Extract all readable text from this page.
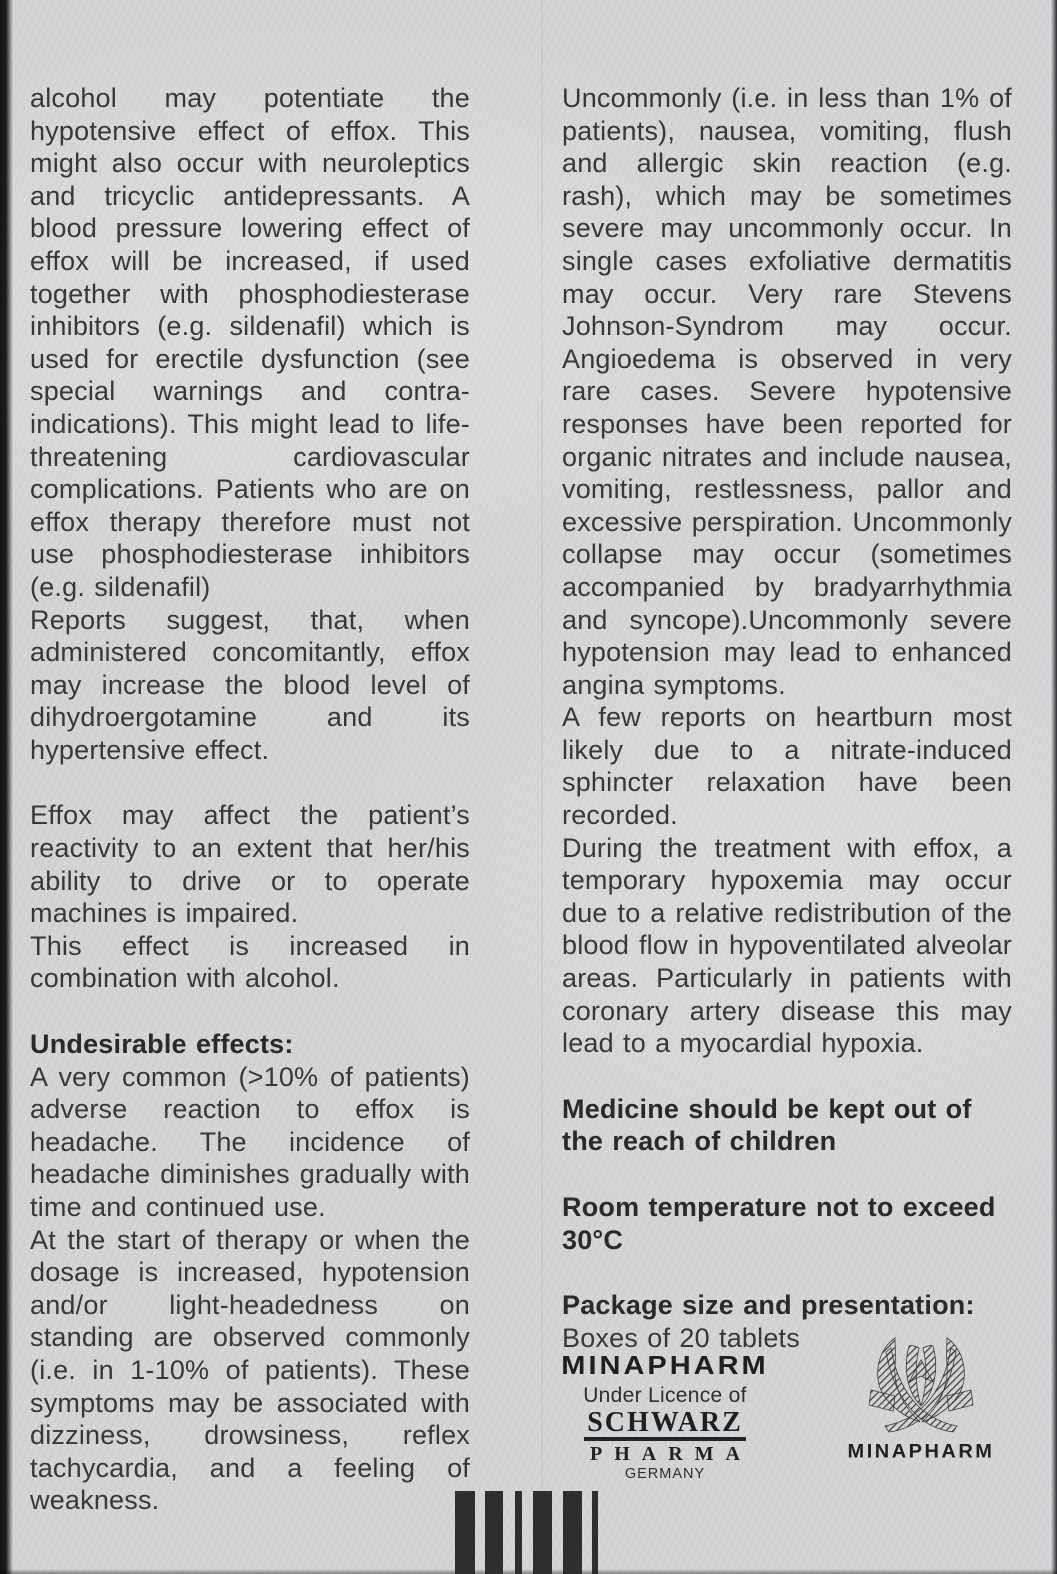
alcohol may potentiate the hypotensive effect of effox. This might also occur with neuroleptics and tricyclic antidepressants. A blood pressure lowering effect of effox will be increased, if used together with phosphodiesterase inhibitors (e.g. sildenafil) which is used for erectile dysfunction (see special warnings and contra-indications). This might lead to life-threatening cardiovascular complications. Patients who are on effox therapy therefore must not use phosphodiesterase inhibitors (e.g. sildenafil)

Reports suggest, that, when administered concomitantly, effox may increase the blood level of dihydroergotamine and its hypertensive effect.

Effox may affect the patient’s reactivity to an extent that her/his ability to drive or to operate machines is impaired.

This effect is increased in combination with alcohol.

Undesirable effects:

A very common (>10% of patients) adverse reaction to effox is headache. The incidence of headache diminishes gradually with time and continued use.

At the start of therapy or when the dosage is increased, hypotension and/or light-headedness on standing are observed commonly (i.e. in 1-10% of patients). These symptoms may be associated with dizziness, drowsiness, reflex tachycardia, and a feeling of weakness.

Uncommonly (i.e. in less than 1% of patients), nausea, vomiting, flush and allergic skin reaction (e.g. rash), which may be sometimes severe may uncommonly occur. In single cases exfoliative dermatitis may occur. Very rare Stevens Johnson-Syndrom may occur. Angioedema is observed in very rare cases. Severe hypotensive responses have been reported for organic nitrates and include nausea, vomiting, restlessness, pallor and excessive perspiration. Uncommonly collapse may occur (sometimes accompanied by bradyarrhythmia and syncope).Uncommonly severe hypotension may lead to enhanced angina symptoms.

A few reports on heartburn most likely due to a nitrate-induced sphincter relaxation have been recorded.

During the treatment with effox, a temporary hypoxemia may occur due to a relative redistribution of the blood flow in hypoventilated alveolar areas. Particularly in patients with coronary artery disease this may lead to a myocardial hypoxia.

Medicine should be kept out of the reach of children

Room temperature not to exceed
30°C

Package size and presentation:

Boxes of 20 tablets

MINAPHARM
Under Licence of
SCHWARZ
PHARMA
GERMANY
MINAPHARM
